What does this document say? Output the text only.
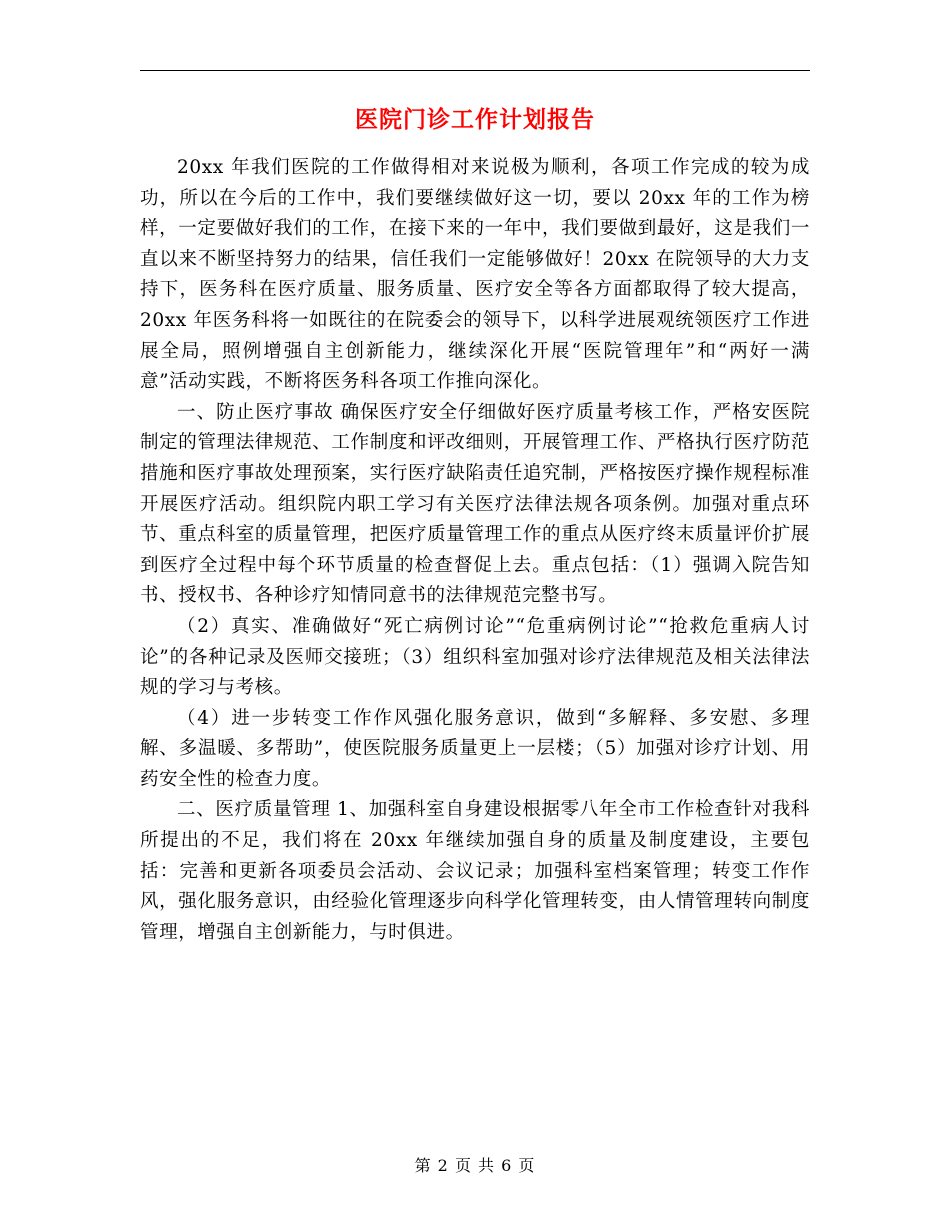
医院门诊工作计划报告

20xx 年我们医院的工作做得相对来说极为顺利，各项工作完成的较为成功，所以在今后的工作中，我们要继续做好这一切，要以 20xx 年的工作为榜样，一定要做好我们的工作，在接下来的一年中，我们要做到最好，这是我们一直以来不断坚持努力的结果，信任我们一定能够做好！20xx 在院领导的大力支持下，医务科在医疗质量、服务质量、医疗安全等各方面都取得了较大提高，20xx 年医务科将一如既往的在院委会的领导下，以科学进展观统领医疗工作进展全局，照例增强自主创新能力，继续深化开展“医院管理年”和“两好一满意”活动实践，不断将医务科各项工作推向深化。

一、防止医疗事故 确保医疗安全仔细做好医疗质量考核工作，严格安医院制定的管理法律规范、工作制度和评改细则，开展管理工作、严格执行医疗防范措施和医疗事故处理预案，实行医疗缺陷责任追究制，严格按医疗操作规程标准开展医疗活动。组织院内职工学习有关医疗法律法规各项条例。加强对重点环节、重点科室的质量管理，把医疗质量管理工作的重点从医疗终末质量评价扩展到医疗全过程中每个环节质量的检查督促上去。重点包括：（1）强调入院告知书、授权书、各种诊疗知情同意书的法律规范完整书写。

（2）真实、准确做好“死亡病例讨论”“危重病例讨论”“抢救危重病人讨论”的各种记录及医师交接班；（3）组织科室加强对诊疗法律规范及相关法律法规的学习与考核。

（4）进一步转变工作作风强化服务意识，做到“多解释、多安慰、多理解、多温暖、多帮助”，使医院服务质量更上一层楼；（5）加强对诊疗计划、用药安全性的检查力度。

二、医疗质量管理 1、加强科室自身建设根据零八年全市工作检查针对我科所提出的不足，我们将在 20xx 年继续加强自身的质量及制度建设，主要包括：完善和更新各项委员会活动、会议记录；加强科室档案管理；转变工作作风，强化服务意识，由经验化管理逐步向科学化管理转变，由人情管理转向制度管理，增强自主创新能力，与时俱进。

第 2 页 共 6 页
